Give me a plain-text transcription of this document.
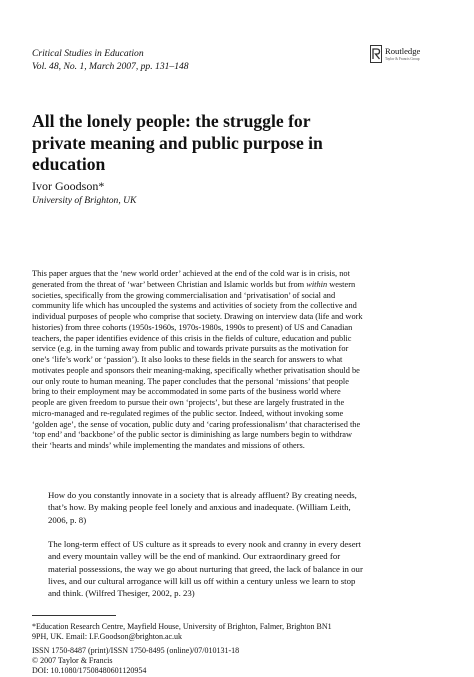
Critical Studies in Education
Vol. 48, No. 1, March 2007, pp. 131–148
Routledge
Taylor & Francis Group
All the lonely people: the struggle for
private meaning and public purpose in
education
Ivor Goodson*
University of Brighton, UK
This paper argues that the ‘new world order’ achieved at the end of the cold war is in crisis, not
generated from the threat of ‘war’ between Christian and Islamic worlds but from within western
societies, specifically from the growing commercialisation and ‘privatisation’ of social and
community life which has uncoupled the systems and activities of society from the collective and
individual purposes of people who comprise that society. Drawing on interview data (life and work
histories) from three cohorts (1950s-1960s, 1970s-1980s, 1990s to present) of US and Canadian
teachers, the paper identifies evidence of this crisis in the fields of culture, education and public
service (e.g. in the turning away from public and towards private pursuits as the motivation for
one’s ‘life’s work’ or ‘passion’). It also looks to these fields in the search for answers to what
motivates people and sponsors their meaning-making, specifically whether privatisation should be
our only route to human meaning. The paper concludes that the personal ‘missions’ that people
bring to their employment may be accommodated in some parts of the business world where
people are given freedom to pursue their own ‘projects’, but these are largely frustrated in the
micro-managed and re-regulated regimes of the public sector. Indeed, without invoking some
‘golden age’, the sense of vocation, public duty and ‘caring professionalism’ that characterised the
‘top end’ and ‘backbone’ of the public sector is diminishing as large numbers begin to withdraw
their ‘hearts and minds’ while implementing the mandates and missions of others.
How do you constantly innovate in a society that is already affluent? By creating needs,
that’s how. By making people feel lonely and anxious and inadequate. (William Leith,
2006, p. 8)
The long-term effect of US culture as it spreads to every nook and cranny in every desert
and every mountain valley will be the end of mankind. Our extraordinary greed for
material possessions, the way we go about nurturing that greed, the lack of balance in our
lives, and our cultural arrogance will kill us off within a century unless we learn to stop
and think. (Wilfred Thesiger, 2002, p. 23)
*Education Research Centre, Mayfield House, University of Brighton, Falmer, Brighton BN1
9PH, UK. Email: I.F.Goodson@brighton.ac.uk
ISSN 1750-8487 (print)/ISSN 1750-8495 (online)/07/010131-18
© 2007 Taylor & Francis
DOI: 10.1080/17508480601120954
